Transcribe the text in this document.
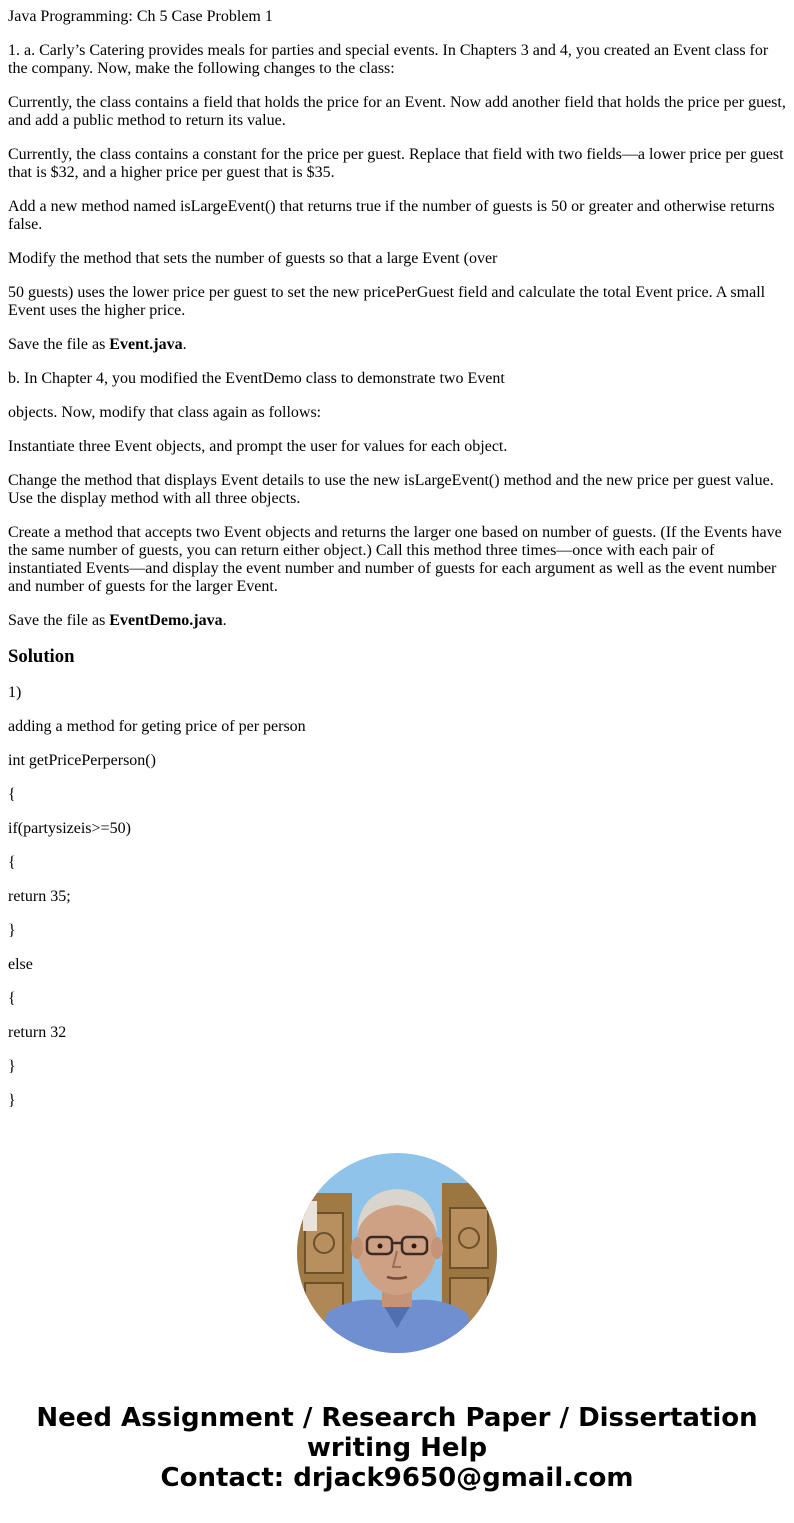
Java Programming: Ch 5 Case Problem 1

1. a. Carly’s Catering provides meals for parties and special events. In Chapters 3 and 4, you created an Event class for the company. Now, make the following changes to the class:

Currently, the class contains a field that holds the price for an Event. Now add another field that holds the price per guest, and add a public method to return its value.

Currently, the class contains a constant for the price per guest. Replace that field with two fields—a lower price per guest that is $32, and a higher price per guest that is $35.

Add a new method named isLargeEvent() that returns true if the number of guests is 50 or greater and otherwise returns false.

Modify the method that sets the number of guests so that a large Event (over

50 guests) uses the lower price per guest to set the new pricePerGuest field and calculate the total Event price. A small Event uses the higher price.

Save the file as Event.java.

b. In Chapter 4, you modified the EventDemo class to demonstrate two Event

objects. Now, modify that class again as follows:

Instantiate three Event objects, and prompt the user for values for each object.

Change the method that displays Event details to use the new isLargeEvent() method and the new price per guest value. Use the display method with all three objects.

Create a method that accepts two Event objects and returns the larger one based on number of guests. (If the Events have the same number of guests, you can return either object.) Call this method three times—once with each pair of instantiated Events—and display the event number and number of guests for each argument as well as the event number and number of guests for the larger Event.

Save the file as EventDemo.java.

Solution

1)

adding a method for geting price of per person

int getPricePerperson()

{

if(partysizeis>=50)

{

return 35;

}

else

{

return 32

}

}

Need Assignment / Research Paper / Dissertation
writing Help
Contact: drjack9650@gmail.com
